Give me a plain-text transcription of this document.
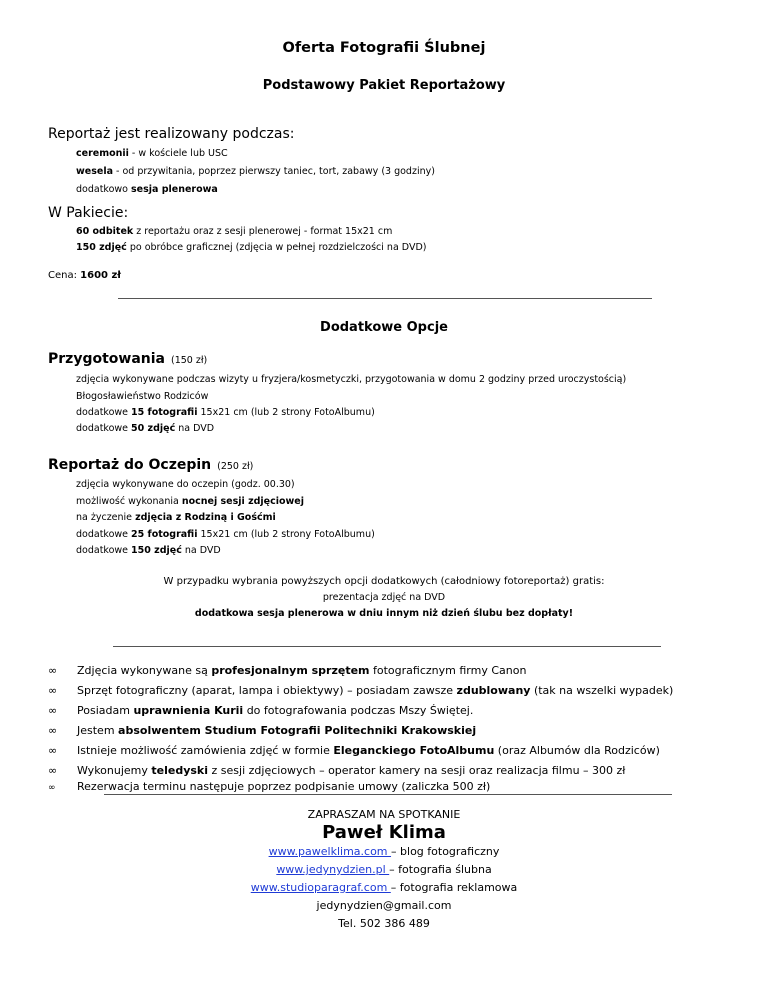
Oferta Fotografii Ślubnej
Podstawowy Pakiet Reportażowy
Reportaż jest realizowany podczas:
ceremonii - w kościele lub USC
wesela - od przywitania, poprzez pierwszy taniec, tort, zabawy (3 godziny)
dodatkowo sesja plenerowa
W Pakiecie:
60 odbitek z reportażu oraz z sesji plenerowej - format 15x21 cm
150 zdjęć po obróbce graficznej (zdjęcia w pełnej rozdzielczości na DVD)
Cena: 1600 zł
Dodatkowe Opcje
Przygotowania (150 zł)
zdjęcia wykonywane podczas wizyty u fryzjera/kosmetyczki, przygotowania w domu 2 godziny przed uroczystością)
Błogosławieństwo Rodziców
dodatkowe 15 fotografii 15x21 cm (lub 2 strony FotoAlbumu)
dodatkowe 50 zdjęć na DVD
Reportaż do Oczepin (250 zł)
zdjęcia wykonywane do oczepin (godz. 00.30)
możliwość wykonania nocnej sesji zdjęciowej
na życzenie zdjęcia z Rodziną i Gośćmi
dodatkowe 25 fotografii 15x21 cm (lub 2 strony FotoAlbumu)
dodatkowe 150 zdjęć na DVD
W przypadku wybrania powyższych opcji dodatkowych (całodniowy fotoreportaż) gratis:
prezentacja zdjęć na DVD
dodatkowa sesja plenerowa w dniu innym niż dzień ślubu bez dopłaty!
∞ Zdjęcia wykonywane są profesjonalnym sprzętem fotograficznym firmy Canon
∞ Sprzęt fotograficzny (aparat, lampa i obiektywy) – posiadam zawsze zdublowany (tak na wszelki wypadek)
∞ Posiadam uprawnienia Kurii do fotografowania podczas Mszy Świętej.
∞ Jestem absolwentem Studium Fotografii Politechniki Krakowskiej
∞ Istnieje możliwość zamówienia zdjęć w formie Eleganckiego FotoAlbumu (oraz Albumów dla Rodziców)
∞ Wykonujemy teledyski z sesji zdjęciowych – operator kamery na sesji oraz realizacja filmu – 300 zł
∞ Rezerwacja terminu następuje poprzez podpisanie umowy (zaliczka 500 zł)
ZAPRASZAM NA SPOTKANIE
Paweł Klima
www.pawelklima.com – blog fotograficzny
www.jedynydzien.pl – fotografia ślubna
www.studioparagraf.com – fotografia reklamowa
jedynydzien@gmail.com
Tel. 502 386 489
